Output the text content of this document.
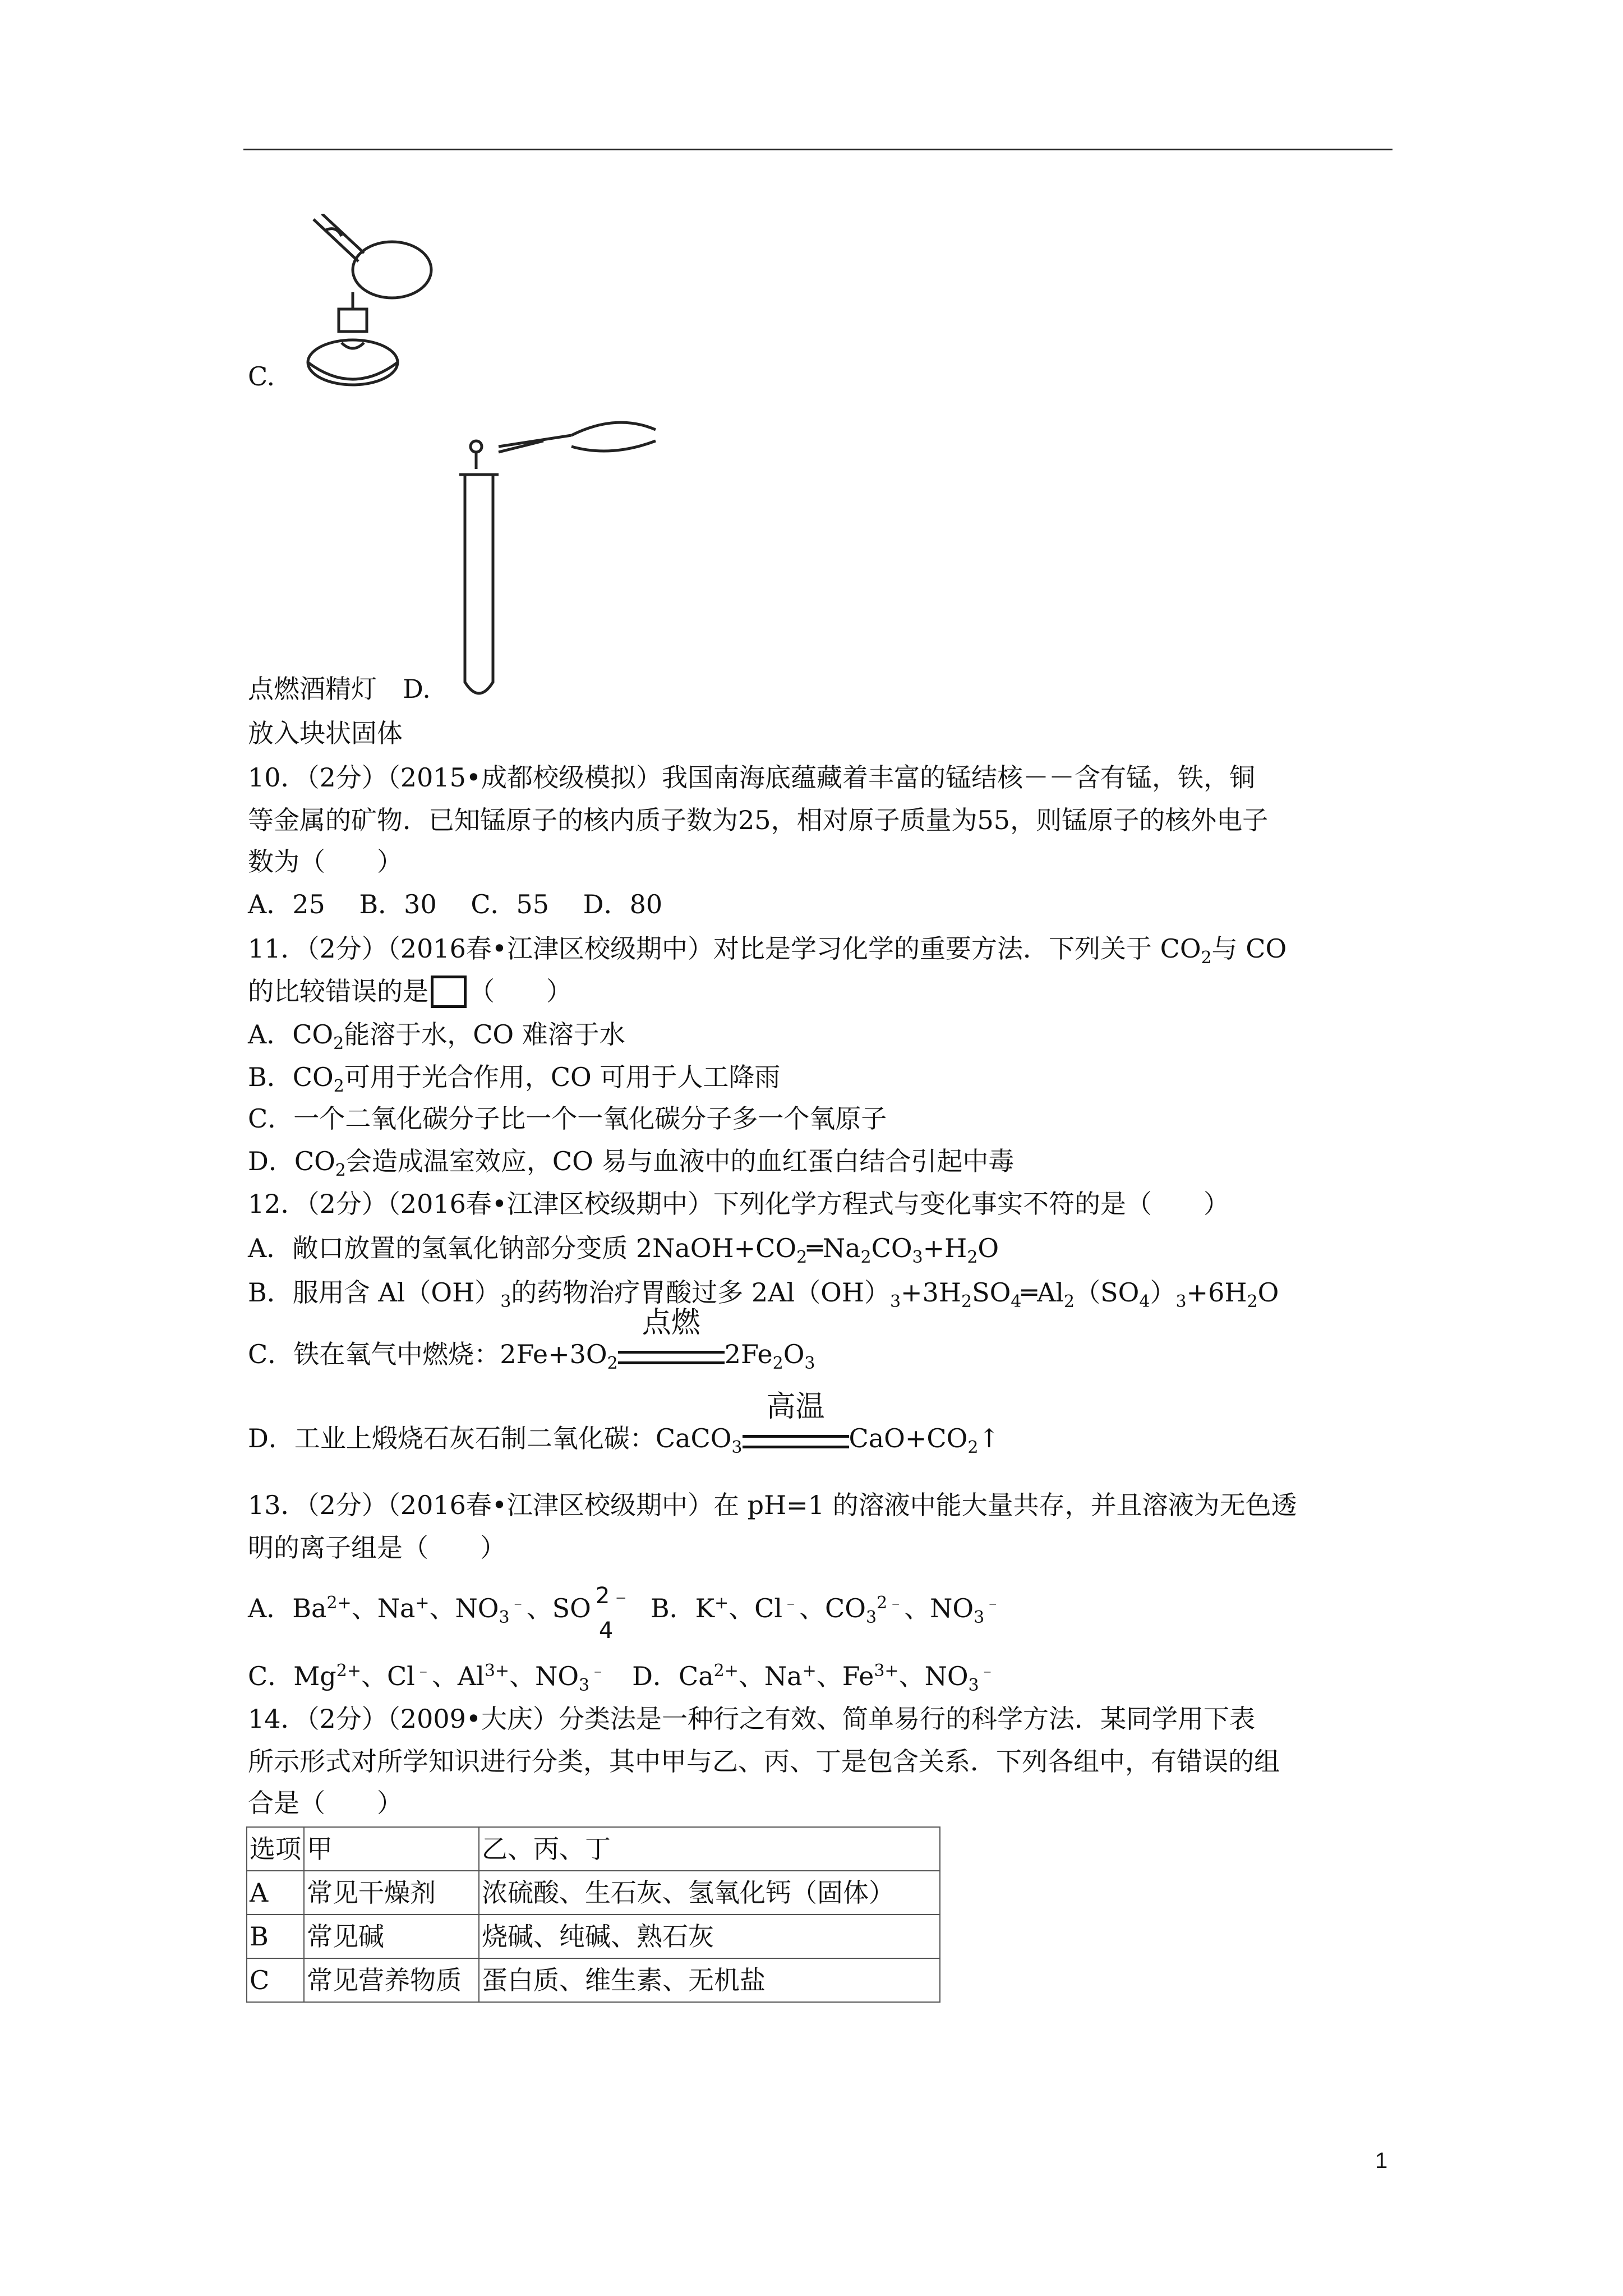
C.
点燃酒精灯　 D.
放入块状固体
10．（2分）（2015•成都校级模拟）我国南海底蕴藏着丰富的锰结核－－含有锰，铁，铜
等金属的矿物．已知锰原子的核内质子数为25，相对原子质量为55，则锰原子的核外电子
数为（　　）
A．25　 B．30　 C．55　 D．80
11．（2分）（2016春•江津区校级期中）对比是学习化学的重要方法．下列关于 $CO_2$与 CO
的比较错误的是 （　　）
A．$CO_2$能溶于水，CO 难溶于水
B．$CO_2$可用于光合作用，CO 可用于人工降雨
C．一个二氧化碳分子比一个一氧化碳分子多一个氧原子
D．$CO_2$会造成温室效应，CO 易与血液中的血红蛋白结合引起中毒
12．（2分）（2016春•江津区校级期中）下列化学方程式与变化事实不符的是（　　）
A．敞口放置的氢氧化钠部分变质 $2NaOH+CO_2═Na_2CO_3+H_2O$
B．服用含 $Al(OH)_3$的药物治疗胃酸过多 $2Al(OH)_3+3H_2SO_4═Al_2(SO_4)_3+6H_2O$
C．铁在氧气中燃烧：$2Fe+3O_2$
点燃
$2Fe_2O_3$
D．工业上煅烧石灰石制二氧化碳：CaCO$_3$
高温
$CaO+CO_2↑$
13．（2分）（2016春•江津区校级期中）在 pH=1 的溶液中能大量共存，并且溶液为无色透
明的离子组是（　　）
A．$Ba^{2+}$、Na+、$NO_3^﹣$、SO 2﹣
4
　B．K+、Cl﹣、$CO_3^{2﹣}$、$NO_3^﹣$
C．$Mg^{2+}$、Cl﹣、$Al^{3+}$、$NO_3^﹣$　D．$Ca^{2+}$、Na+、$Fe^{3+}$、$NO_3^﹣$
14．（2分）（2009•大庆）分类法是一种行之有效、简单易行的科学方法．某同学用下表
所示形式对所学知识进行分类，其中甲与乙、丙、丁是包含关系．下列各组中，有错误的组
合是（　　）
选项	甲	乙、丙、丁
A	常见干燥剂	浓硫酸、生石灰、氢氧化钙（固体）
B	常见碱	烧碱、纯碱、熟石灰
C	常见营养物质	蛋白质、维生素、无机盐
1
